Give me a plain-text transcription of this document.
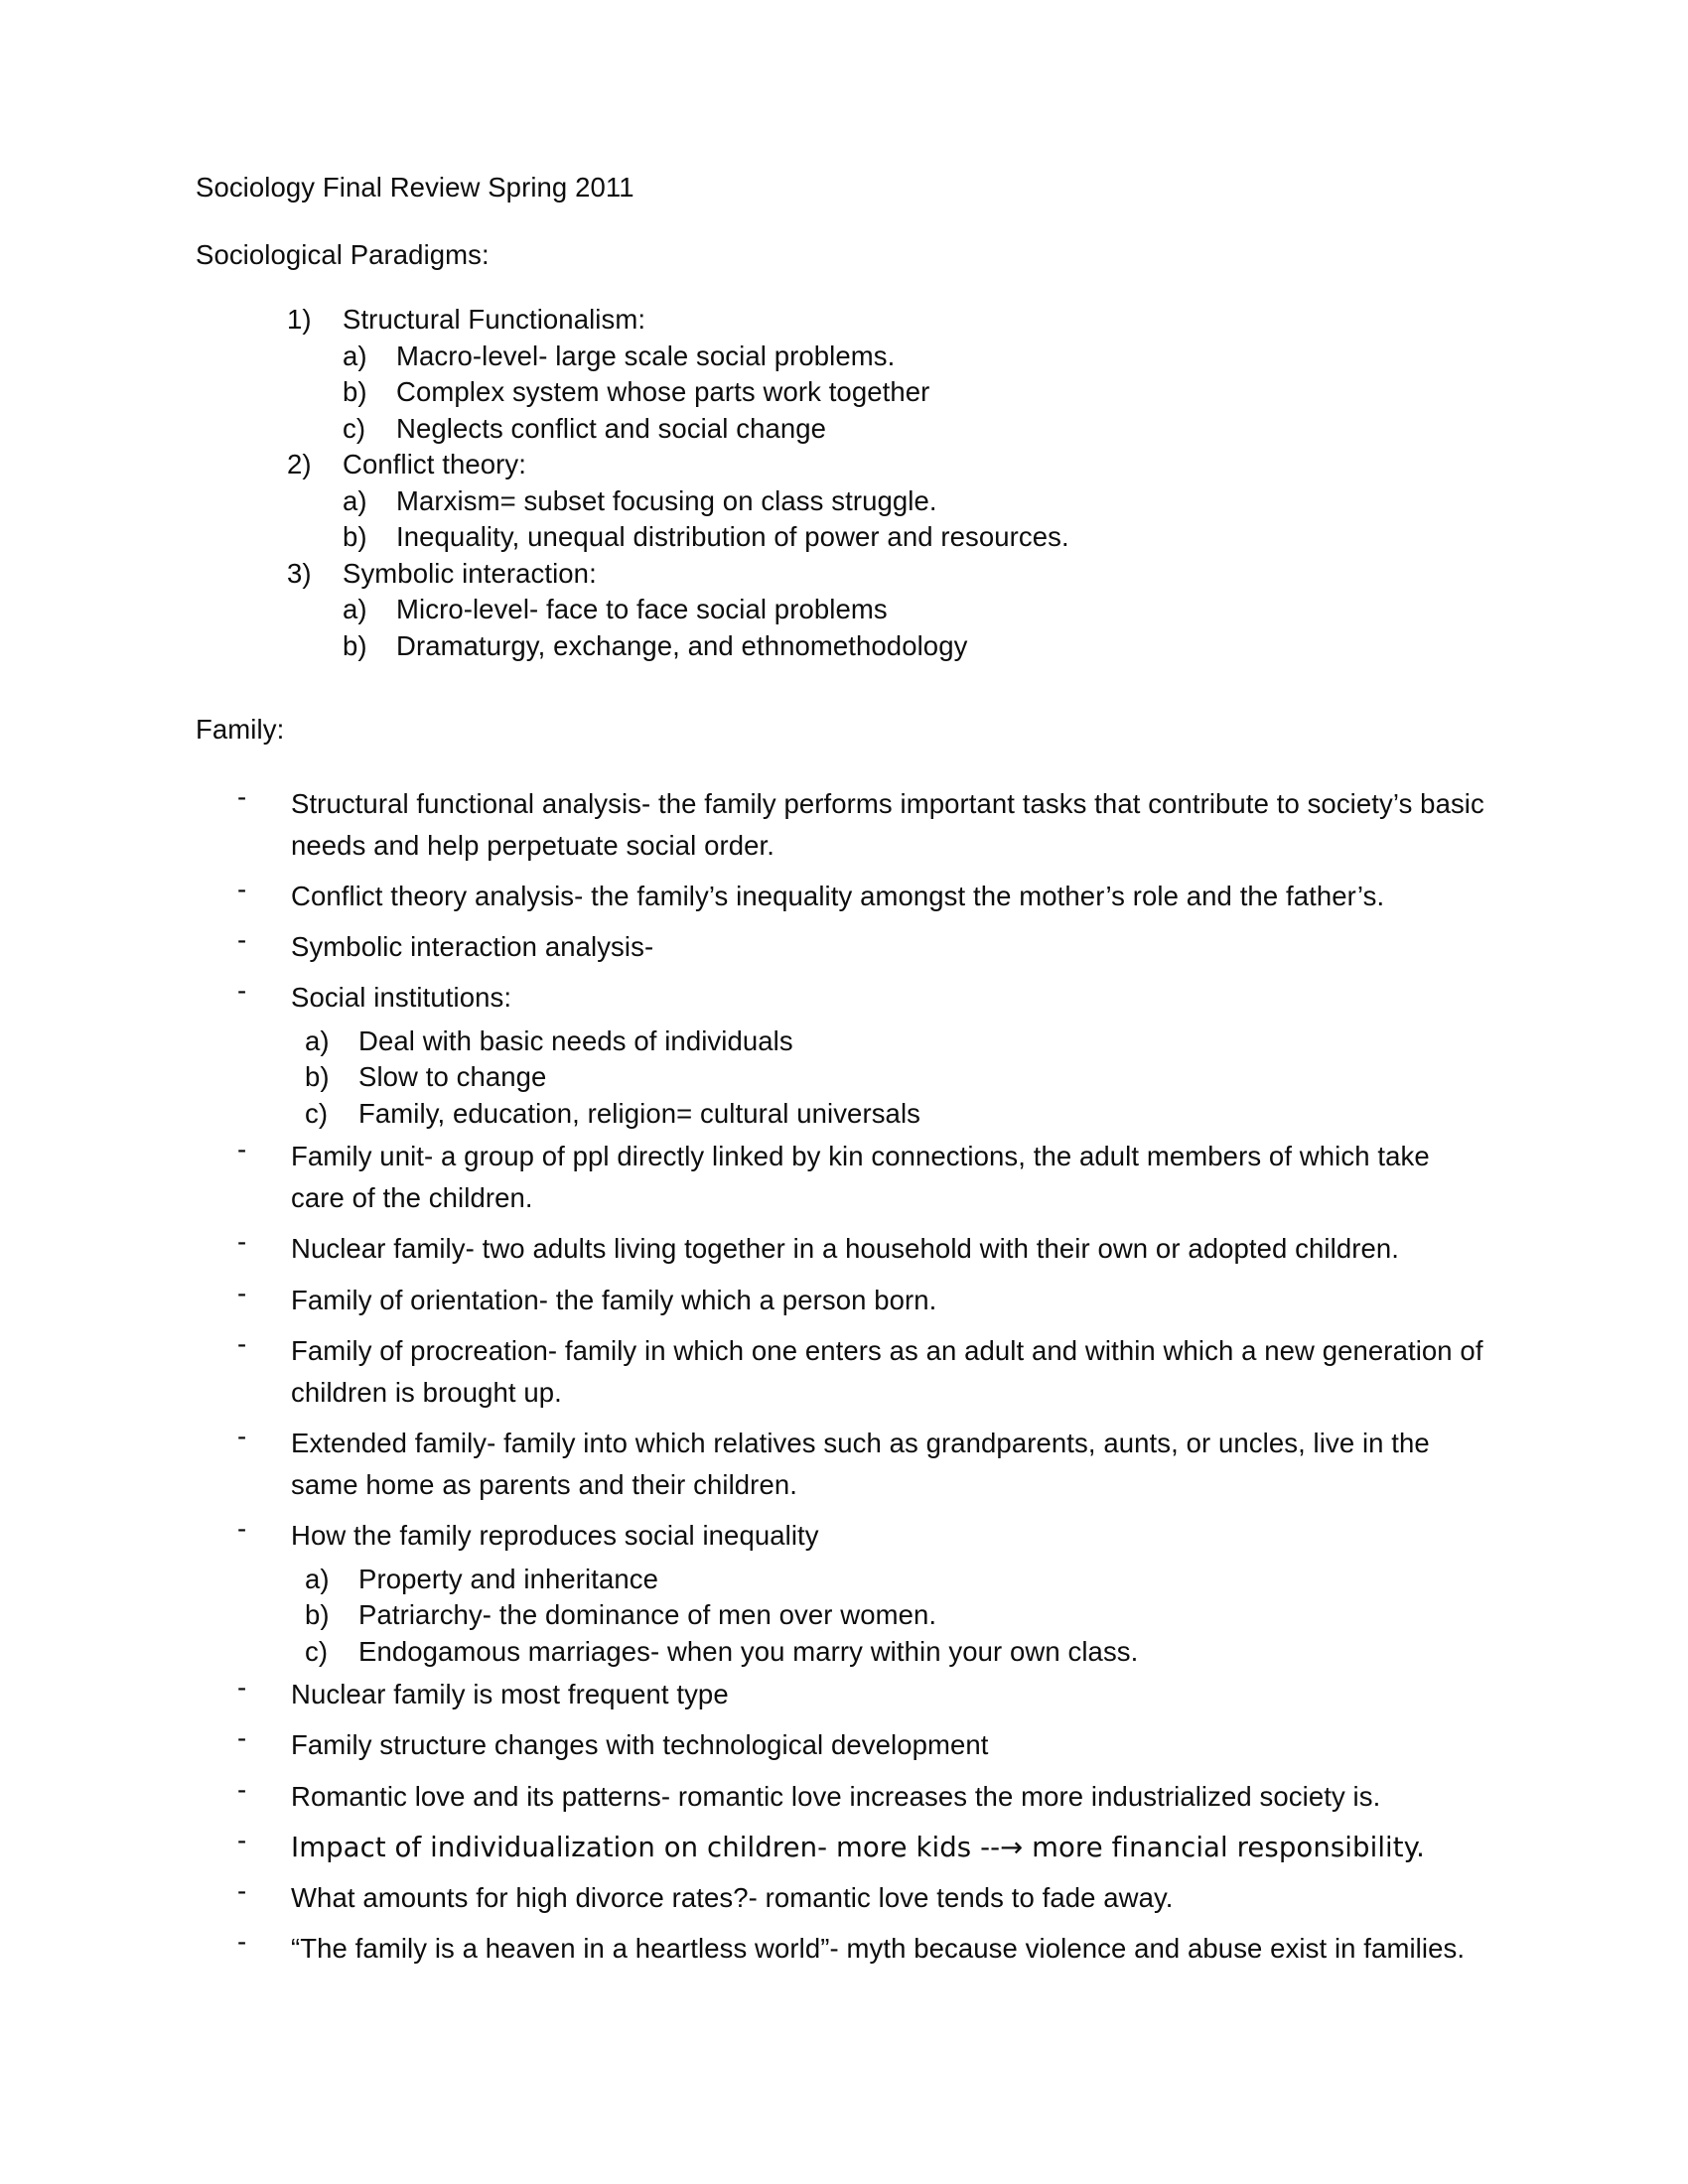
Sociology Final Review Spring 2011

Sociological Paradigms:

1)	Structural Functionalism:
a)	Macro-level- large scale social problems.
b)	Complex system whose parts work together
c)	Neglects conflict and social change
2)	Conflict theory:
a)	Marxism= subset focusing on class struggle.
b)	Inequality, unequal distribution of power and resources.
3)	Symbolic interaction:
a)	Micro-level- face to face social problems
b)	Dramaturgy, exchange, and ethnomethodology

Family:

-	Structural functional analysis- the family performs important tasks that contribute to society’s basic needs and help perpetuate social order.
-	Conflict theory analysis- the family’s inequality amongst the mother’s role and the father’s.
-	Symbolic interaction analysis-
-	Social institutions:
a)	Deal with basic needs of individuals
b)	Slow to change
c)	Family, education, religion= cultural universals
-	Family unit- a group of ppl directly linked by kin connections, the adult members of which take care of the children.
-	Nuclear family- two adults living together in a household with their own or adopted children.
-	Family of orientation- the family which a person born.
-	Family of procreation- family in which one enters as an adult and within which a new generation of children is brought up.
-	Extended family- family into which relatives such as grandparents, aunts, or uncles, live in the same home as parents and their children.
-	How the family reproduces social inequality
a)	Property and inheritance
b)	Patriarchy- the dominance of men over women.
c)	Endogamous marriages- when you marry within your own class.
-	Nuclear family is most frequent type
-	Family structure changes with technological development
-	Romantic love and its patterns- romantic love increases the more industrialized society is.
-	Impact of individualization on children- more kids --→ more financial responsibility.
-	What amounts for high divorce rates?- romantic love tends to fade away.
-	“The family is a heaven in a heartless world”- myth because violence and abuse exist in families.
